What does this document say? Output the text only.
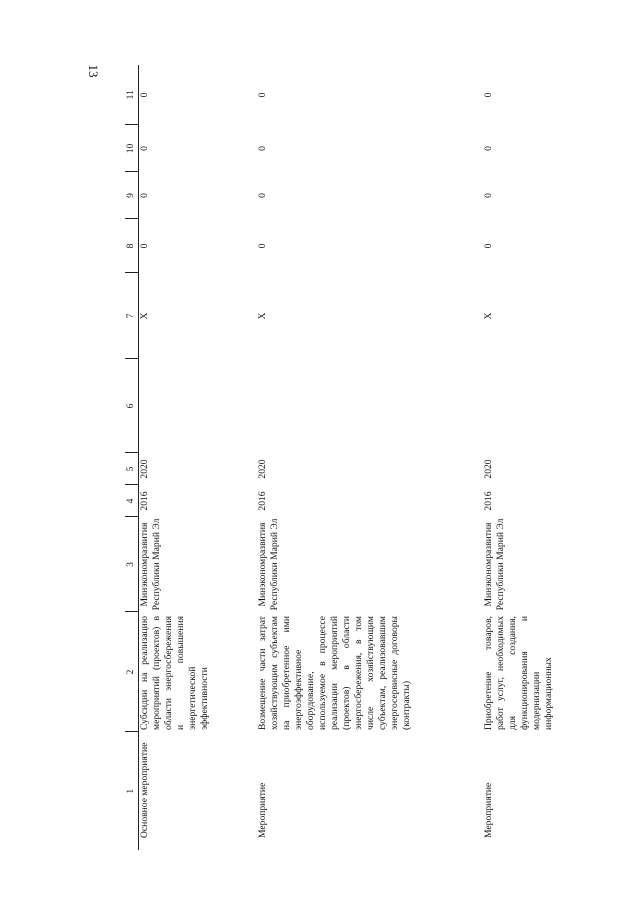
13
1	2	3	4	5	6	7	8	9	10	11
Основное мероприятие	Субсидии на реализацию мероприятий (проектов) в области энергосбережения и повышения энергетической эффективности	Минэкономразвития Республики Марий Эл	2016	2020		Х	0	0	0	0
Мероприятие	Возмещение части затрат хозяйствующим субъектам на приобретенное ими энергоэффективное оборудование, используемое в процессе реализации мероприятий (проектов) в области энергосбережения, в том числе хозяйствующим субъектам, реализовавшим энергосервисные договоры (контракты)	Минэкономразвития Республики Марий Эл	2016	2020		Х	0	0	0	0
Мероприятие	Приобретение товаров, работ услуг, необходимых для создания, функционирования и модернизации информационных	Минэкономразвития Республики Марий Эл	2016	2020		Х	0	0	0	0
